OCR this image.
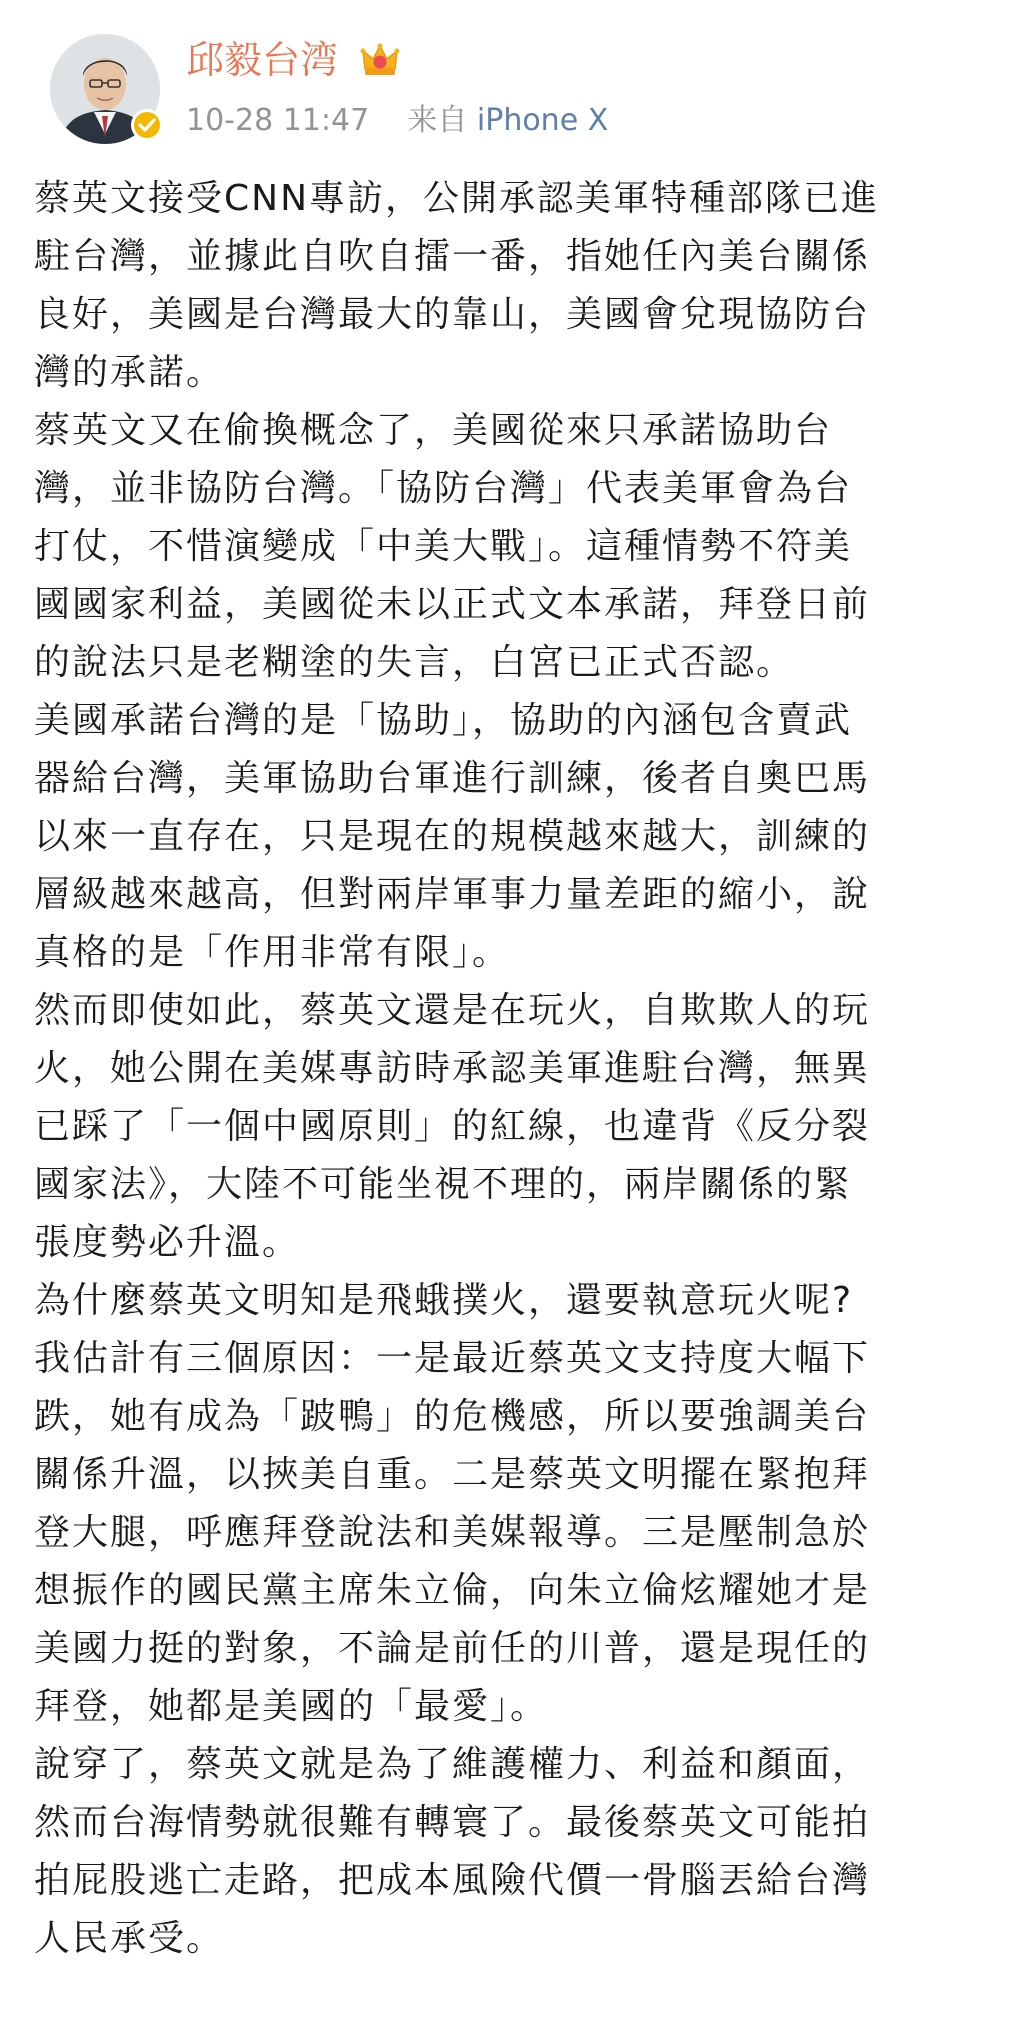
邱毅台湾
10-28 11:47 来自 iPhone X

蔡英文接受CNN專訪，公開承認美軍特種部隊已進
駐台灣，並據此自吹自擂一番，指她任內美台關係
良好，美國是台灣最大的靠山，美國會兌現協防台
灣的承諾。

蔡英文又在偷換概念了，美國從來只承諾協助台
灣，並非協防台灣。「協防台灣」代表美軍會為台
打仗，不惜演變成「中美大戰」。這種情勢不符美
國國家利益，美國從未以正式文本承諾，拜登日前
的說法只是老糊塗的失言，白宮已正式否認。

美國承諾台灣的是「協助」，協助的內涵包含賣武
器給台灣，美軍協助台軍進行訓練，後者自奧巴馬
以來一直存在，只是現在的規模越來越大，訓練的
層級越來越高，但對兩岸軍事力量差距的縮小，說
真格的是「作用非常有限」。

然而即使如此，蔡英文還是在玩火，自欺欺人的玩
火，她公開在美媒專訪時承認美軍進駐台灣，無異
已踩了「一個中國原則」的紅線，也違背《反分裂
國家法》，大陸不可能坐視不理的，兩岸關係的緊
張度勢必升溫。

為什麼蔡英文明知是飛蛾撲火，還要執意玩火呢?

我估計有三個原因：一是最近蔡英文支持度大幅下
跌，她有成為「跛鴨」的危機感，所以要強調美台
關係升溫，以挾美自重。二是蔡英文明擺在緊抱拜
登大腿，呼應拜登說法和美媒報導。三是壓制急於
想振作的國民黨主席朱立倫，向朱立倫炫耀她才是
美國力挺的對象，不論是前任的川普，還是現任的
拜登，她都是美國的「最愛」。

說穿了，蔡英文就是為了維護權力、利益和顏面，
然而台海情勢就很難有轉寰了。最後蔡英文可能拍
拍屁股逃亡走路，把成本風險代價一骨腦丟給台灣
人民承受。
